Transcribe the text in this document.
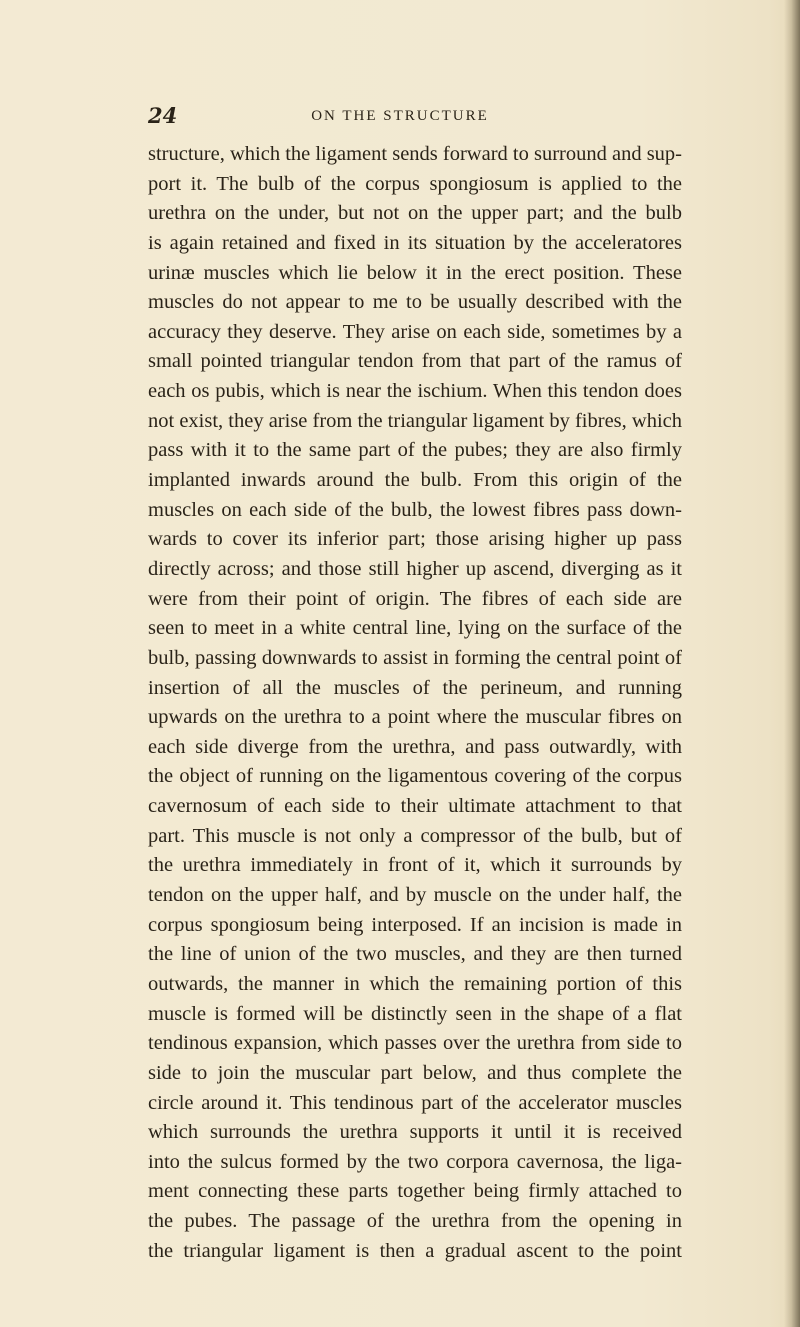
24	ON THE STRUCTURE
structure, which the ligament sends forward to surround and sup-
port it. The bulb of the corpus spongiosum is applied to the
urethra on the under, but not on the upper part; and the bulb
is again retained and fixed in its situation by the acceleratores
urinæ muscles which lie below it in the erect position. These
muscles do not appear to me to be usually described with the
accuracy they deserve. They arise on each side, sometimes by a
small pointed triangular tendon from that part of the ramus of
each os pubis, which is near the ischium. When this tendon does
not exist, they arise from the triangular ligament by fibres, which
pass with it to the same part of the pubes; they are also firmly
implanted inwards around the bulb. From this origin of the
muscles on each side of the bulb, the lowest fibres pass down-
wards to cover its inferior part; those arising higher up pass
directly across; and those still higher up ascend, diverging as it
were from their point of origin. The fibres of each side are
seen to meet in a white central line, lying on the surface of the
bulb, passing downwards to assist in forming the central point of
insertion of all the muscles of the perineum, and running
upwards on the urethra to a point where the muscular fibres on
each side diverge from the urethra, and pass outwardly, with
the object of running on the ligamentous covering of the corpus
cavernosum of each side to their ultimate attachment to that
part. This muscle is not only a compressor of the bulb, but of
the urethra immediately in front of it, which it surrounds by
tendon on the upper half, and by muscle on the under half, the
corpus spongiosum being interposed. If an incision is made in
the line of union of the two muscles, and they are then turned
outwards, the manner in which the remaining portion of this
muscle is formed will be distinctly seen in the shape of a flat
tendinous expansion, which passes over the urethra from side to
side to join the muscular part below, and thus complete the
circle around it. This tendinous part of the accelerator muscles
which surrounds the urethra supports it until it is received
into the sulcus formed by the two corpora cavernosa, the liga-
ment connecting these parts together being firmly attached to
the pubes. The passage of the urethra from the opening in
the triangular ligament is then a gradual ascent to the point
